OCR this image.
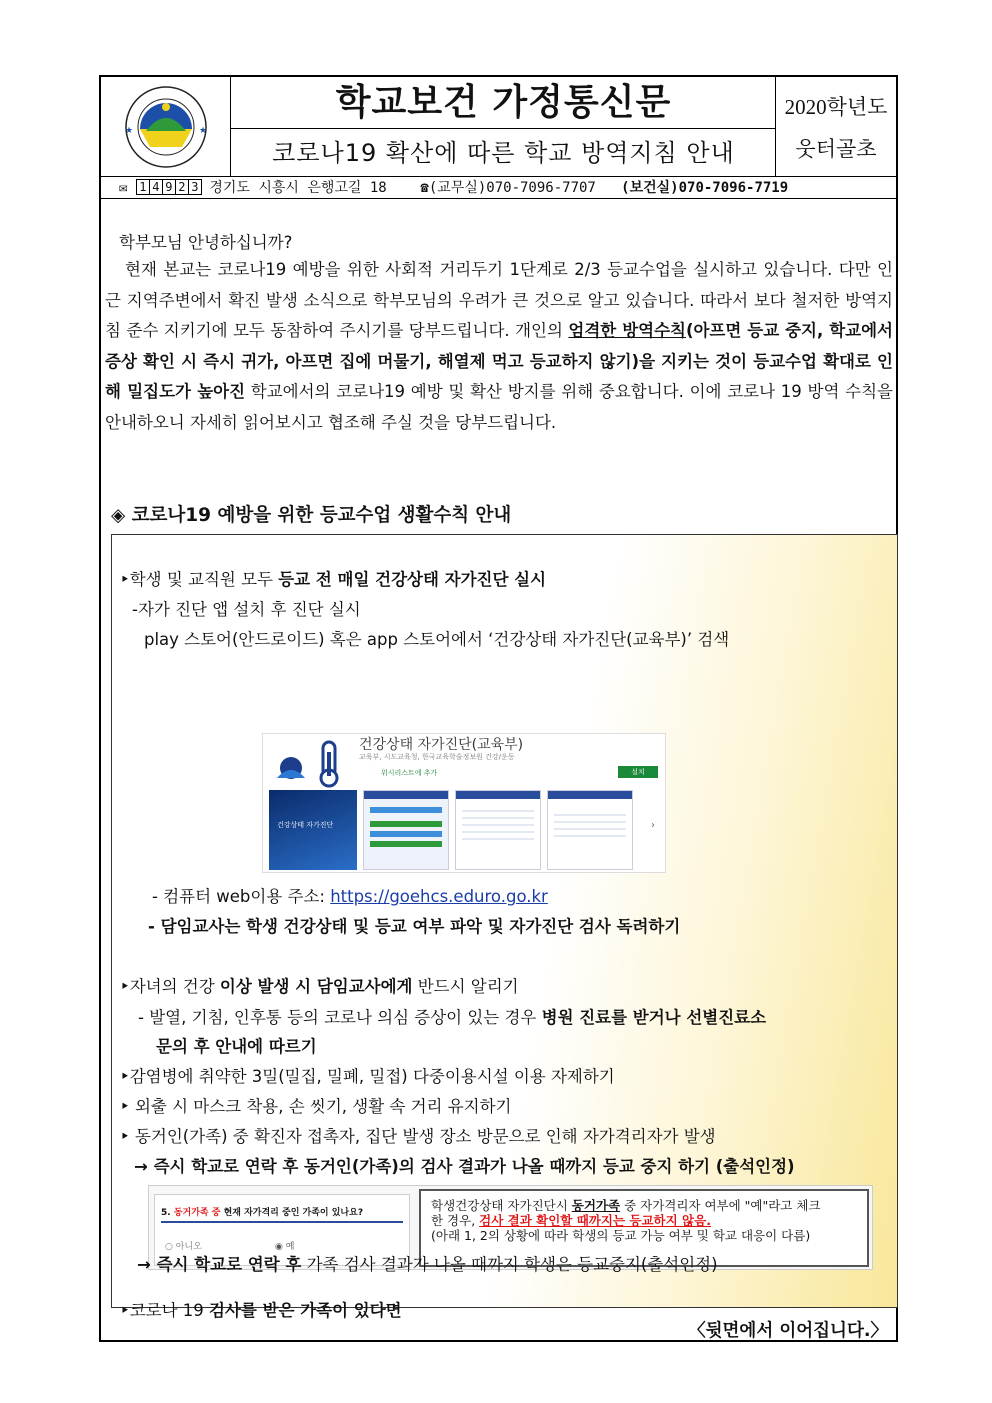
★	★
학교보건 가정통신문
코로나19 확산에 따른 학교 방역지침 안내
2020학년도
웃터골초
✉ 1 4 9 2 3 경기도 시흥시 은행고길 18 ☎(교무실)070-7096-7707 (보건실)070-7096-7719
학부모님 안녕하십니까?
현재 본교는 코로나19 예방을 위한 사회적 거리두기 1단계로 2/3 등교수업을 실시하고 있습니다. 다만 인근 지역주변에서 확진 발생 소식으로 학부모님의 우려가 큰 것으로 알고 있습니다. 따라서 보다 철저한 방역지침 준수 지키기에 모두 동참하여 주시기를 당부드립니다. 개인의 엄격한 방역수칙(아프면 등교 중지, 학교에서 증상 확인 시 즉시 귀가, 아프면 집에 머물기, 해열제 먹고 등교하지 않기)을 지키는 것이 등교수업 확대로 인해 밀집도가 높아진 학교에서의 코로나19 예방 및 확산 방지를 위해 중요합니다. 이에 코로나 19 방역 수칙을 안내하오니 자세히 읽어보시고 협조해 주실 것을 당부드립니다.
◈ 코로나19 예방을 위한 등교수업 생활수칙 안내
‣학생 및 교직원 모두 등교 전 매일 건강상태 자가진단 실시
-자가 진단 앱 설치 후 진단 실시
play 스토어(안드로이드) 혹은 app 스토어에서 ‘건강상태 자가진단(교육부)’ 검색
건강상태 자가진단(교육부)
교육부, 시도교육청, 한국교육학술정보원 건강/운동
위시리스트에 추가	설치
건강상태 자가진단	›
- 컴퓨터 web이용 주소: https://goehcs.eduro.go.kr
- 담임교사는 학생 건강상태 및 등교 여부 파악 및 자가진단 검사 독려하기
‣자녀의 건강 이상 발생 시 담임교사에게 반드시 알리기
- 발열, 기침, 인후통 등의 코로나 의심 증상이 있는 경우 병원 진료를 받거나 선별진료소
문의 후 안내에 따르기
‣감염병에 취약한 3밀(밀집, 밀폐, 밀접) 다중이용시설 이용 자제하기
‣ 외출 시 마스크 착용, 손 씻기, 생활 속 거리 유지하기
‣ 동거인(가족) 중 확진자 접촉자, 집단 발생 장소 방문으로 인해 자가격리자가 발생
→ 즉시 학교로 연락 후 동거인(가족)의 검사 결과가 나올 때까지 등교 중지 하기 (출석인정)
5. 동거가족 중 현재 자가격리 중인 가족이 있나요?
○ 아니오	◉ 예
학생건강상태 자가진단시 동거가족 중 자가격리자 여부에 "예"라고 체크
한 경우, 검사 결과 확인할 때까지는 등교하지 않음.
(아래 1, 2의 상황에 따라 학생의 등교 가능 여부 및 학교 대응이 다름)
‣코로나 19 검사를 받은 가족이 있다면
→ 즉시 학교로 연락 후 가족 검사 결과가 나올 때까지 학생은 등교중지(출석인정)
〈뒷면에서 이어집니다.〉
